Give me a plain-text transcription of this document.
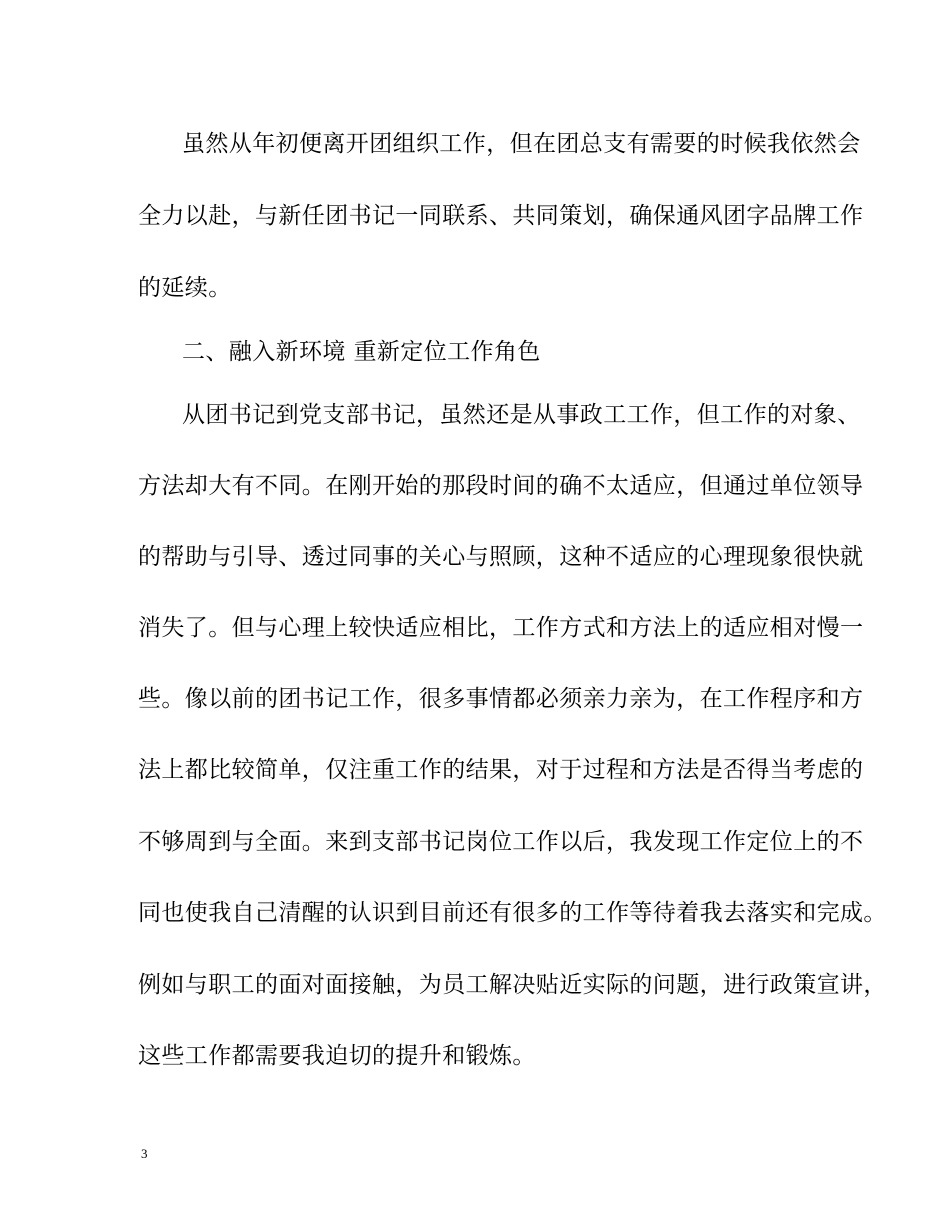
虽然从年初便离开团组织工作，但在团总支有需要的时候我依然会
全力以赴，与新任团书记一同联系、共同策划，确保通风团字品牌工作
的延续。
二、融入新环境 重新定位工作角色
从团书记到党支部书记，虽然还是从事政工工作，但工作的对象、
方法却大有不同。在刚开始的那段时间的确不太适应，但通过单位领导
的帮助与引导、透过同事的关心与照顾，这种不适应的心理现象很快就
消失了。但与心理上较快适应相比，工作方式和方法上的适应相对慢一
些。像以前的团书记工作，很多事情都必须亲力亲为，在工作程序和方
法上都比较简单，仅注重工作的结果，对于过程和方法是否得当考虑的
不够周到与全面。来到支部书记岗位工作以后，我发现工作定位上的不
同也使我自己清醒的认识到目前还有很多的工作等待着我去落实和完成。
例如与职工的面对面接触，为员工解决贴近实际的问题，进行政策宣讲，
这些工作都需要我迫切的提升和锻炼。
3
